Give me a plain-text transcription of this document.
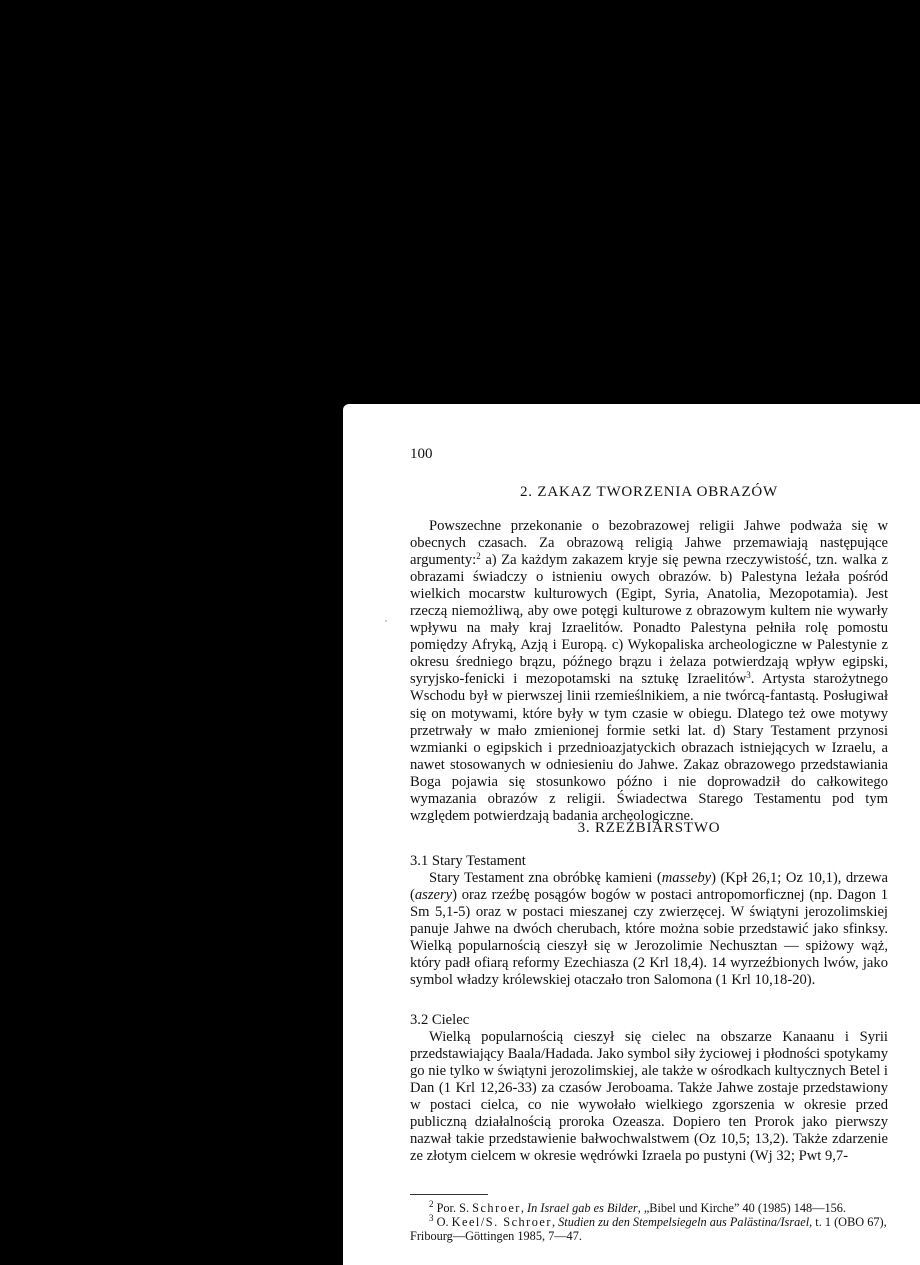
100
2. ZAKAZ TWORZENIA OBRAZÓW

Powszechne przekonanie o bezobrazowej religii Jahwe podważa się w obecnych czasach. Za obrazową religią Jahwe przemawiają następujące argumenty:$^2$ a) Za każdym zakazem kryje się pewna rzeczywistość, tzn. walka z obrazami świadczy o istnieniu owych obrazów. b) Palestyna leżała pośród wielkich mocarstw kulturowych (Egipt, Syria, Anatolia, Mezopotamia). Jest rzeczą niemożliwą, aby owe potęgi kulturowe z obrazowym kultem nie wywarły wpływu na mały kraj Izraelitów. Ponadto Palestyna pełniła rolę pomostu pomiędzy Afryką, Azją i Europą. c) Wykopaliska archeologiczne w Palestynie z okresu średniego brązu, późnego brązu i żelaza potwierdzają wpływ egipski, syryjsko-fenicki i mezopotamski na sztukę Izraelitów$^3$. Artysta starożytnego Wschodu był w pierwszej linii rzemieślnikiem, a nie twórcą-fantastą. Posługiwał się on motywami, które były w tym czasie w obiegu. Dlatego też owe motywy przetrwały w mało zmienionej formie setki lat. d) Stary Testament przynosi wzmianki o egipskich i przednioazjatyckich obrazach istniejących w Izraelu, a nawet stosowanych w odniesieniu do Jahwe. Zakaz obrazowego przedstawiania Boga pojawia się stosunkowo późno i nie doprowadził do całkowitego wymazania obrazów z religii. Świadectwa Starego Testamentu pod tym względem potwierdzają badania archeologiczne.

3. RZEŹBIARSTWO
3.1 Stary Testament

Stary Testament zna obróbkę kamieni (masseby) (Kpł 26,1; Oz 10,1), drzewa (aszery) oraz rzeźbę posągów bogów w postaci antropomorficznej (np. Dagon 1 Sm 5,1-5) oraz w postaci mieszanej czy zwierzęcej. W świątyni jerozolimskiej panuje Jahwe na dwóch cherubach, które można sobie przedstawić jako sfinksy. Wielką popularnością cieszył się w Jerozolimie Nechusztan — spiżowy wąż, który padł ofiarą reformy Ezechiasza (2 Krl 18,4). 14 wyrzeźbionych lwów, jako symbol władzy królewskiej otaczało tron Salomona (1 Krl 10,18-20).

3.2 Cielec

Wielką popularnością cieszył się cielec na obszarze Kanaanu i Syrii przedstawiający Baala/Hadada. Jako symbol siły życiowej i płodności spotykamy go nie tylko w świątyni jerozolimskiej, ale także w ośrodkach kultycznych Betel i Dan (1 Krl 12,26-33) za czasów Jeroboama. Także Jahwe zostaje przedstawiony w postaci cielca, co nie wywołało wielkiego zgorszenia w okresie przed publiczną działalnością proroka Ozeasza. Dopiero ten Prorok jako pierwszy nazwał takie przedstawienie bałwochwalstwem (Oz 10,5; 13,2). Także zdarzenie ze złotym cielcem w okresie wędrówki Izraela po pustyni (Wj 32; Pwt 9,7-

$^2$ Por. S. Schroer, In Israel gab es Bilder, „Bibel und Kirche” 40 (1985) 148—156.

$^3$ O. Keel/S. Schroer, Studien zu den Stempelsiegeln aus Palästina/Israel, t. 1 (OBO 67), Fribourg—Göttingen 1985, 7—47.
